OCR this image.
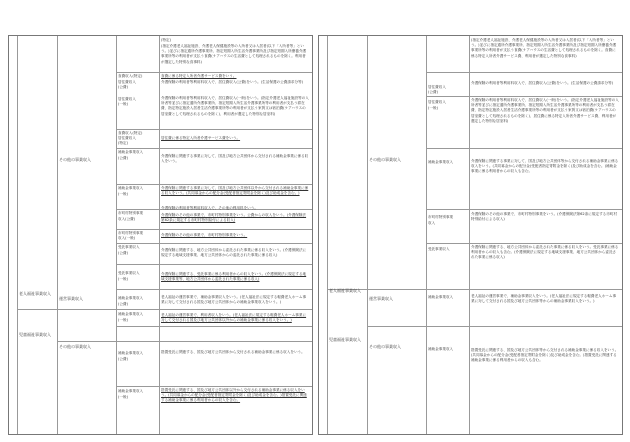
老人福祉事業収入
児童福祉事業収入
その他の事業収入
運営事業収入
その他の事業収入
食費収入(特定)
居住費収入
(公費)
居住費収入
(一般)
食費収入(特定)
居住費収入
(特定)
補助金事業収入
(公費)
補助金事業収入
(一般)
市町村特別事業
収入(公費)
市町村特別事業
収入(一般)
受託事業収入
(公費)
受託事業収入
(一般)
補助金事業収入
(公費)
補助金事業収入
(一般)
補助金事業収入
(公費)
補助金事業収入
(一般)
(特定)
(指定介護老人福祉施設、介護老人保健施設等の入所者又は入居者(以下「入所者等」という。)並びに指定通所介護事業所、指定短期入所生活介護事業所及び指定短期入所療養介護事業所等の利用者が支払う食費(ケアハウスの生活費として処理されるものを除く。利用者が選定した特別な食事料)
食費に係る特定入所者介護サービス費をいう。
介護保険の利用者等利用料収入で、居住費収入(公費)をいう。(生活保護の公費請求分等)
介護保険の利用者等利用料収入で、居住費収入(一般)をいう。(指定介護老人福祉施設等の入所者等並びに指定通所介護事業所、指定短期入所生活介護事業所等の利用者が支払う滞在費、指定特定施設入居者生活介護事業所等の利用者が支払う家賃又は宿泊費(ケアハウスの居室費として処理されるものを除く)、利用者が選定した特別な居室料)
居住費に係る特定入所者介護サービス費をいう。
介護保険に関連する事業に対して、国及び地方公共団体から交付される補助金事業に係る収入をいう。
介護保険に関連する事業に対して、国及び地方公共団体以外から交付される補助金事業に係る収入をいう。(共同募金からの配分金(受配者指定寄附金を除く)及び助成金を含む。)
介護保険の利用者等利用料収入で、その他の利用料をいう。
介護保険のその他の事業で、市町村特別事業をいう。公費からの収入をいう。(介護保険法第62条に規定する市町村特別給付による収入)
介護保険のその他の事業で、市町村特別事業をいう。
介護保険に関連する、地方公共団体から委託された事業に係る収入をいう。(介護保険法に規定する地域支援事業、地方公共団体からの委託された事業に係る収入)
介護保険に関連する、受託事業に係る利用者からの収入をいう。(介護保険法に規定する地域支援事業等、地方公共団体から委託された事業に係る収入)
老人福祉の運営事業で、補助金事業収入をいう。(老人福祉法に規定する軽費老人ホーム事業に対して交付される国及び地方公共団体からの補助金事業収入をいう。)
老人福祉の運営事業で、利用者収入をいう。(老人福祉法に規定する軽費老人ホーム事業に対して交付される国及び地方公共団体以外からの補助金事業に係る収入をいう。)
措置受託に関連する、国及び地方公共団体から交付される補助金事業に係る収入をいう。
措置受託に関連する、国及び地方公共団体以外から交付される補助金事業に係る収入をいう。(共同募金からの配分金(受配者指定寄附金を除く)及び助成金を含む。)措置受託に関連する補助金事業に係る利用者からの収入を含む。
老人福祉事業収入
児童福祉事業収入
その他の事業収入
運営事業収入
その他の事業収入
居住費収入
(公費)
居住費収入
(一般)
補助金事業収入
市町村特別事業
収入
受託事業収入
補助金事業収入
補助金事業収入
(指定介護老人福祉施設、介護老人保健施設等の入所者又は入居者(以下「入所者等」という。)並びに指定通所介護事業所、指定短期入所生活介護事業所及び指定短期入所療養介護事業所等の利用者が支払う食費(ケアハウスの生活費として処理されるものを除く。食費に係る特定入所者介護サービス費、利用者が選定した特別な食事料)
介護保険の利用者等利用料収入で、居住費収入(公費)をいう。(生活保護の公費請求分等)
介護保険の利用者等利用料収入で、居住費収入(一般)をいう。(指定介護老人福祉施設等の入所者等並びに指定通所介護事業所、指定短期入所生活介護事業所等の利用者が支払う滞在費、指定特定施設入居者生活介護事業所等の利用者が支払う家賃又は宿泊費(ケアハウスの居室費として処理されるものを除く)、居住費に係る特定入所者介護サービス費、利用者が選定した特別な居室料)
介護保険に関連する事業に対して、国及び地方公共団体等から交付される補助金事業に係る収入をいう。(共同募金からの配分金(受配者指定寄附金を除く)及び助成金を含む。)補助金事業に係る利用者からの収入も含む。
介護保険のその他の事業で、市町村特別事業をいう。(介護保険法第62条に規定する市町村特別給付による収入)
介護保険に関連する、地方公共団体から委託された事業に係る収入をいう。受託事業に係る利用者からの収入も含む。(介護保険法に規定する地域支援事業、地方公共団体から委託された事業に係る収入)
老人福祉の運営事業で、補助金事業収入をいう。(老人福祉法に規定する軽費老人ホーム事業に対して交付される国及び地方公共団体等からの補助金事業収入をいう。)
措置受託に関連する、国及び地方公共団体等から交付される補助金事業に係る収入をいう。(共同募金からの配分金(受配者指定寄附金を除く)及び助成金を含む。)措置受託に関連する補助金事業に係る利用者からの収入も含む。
